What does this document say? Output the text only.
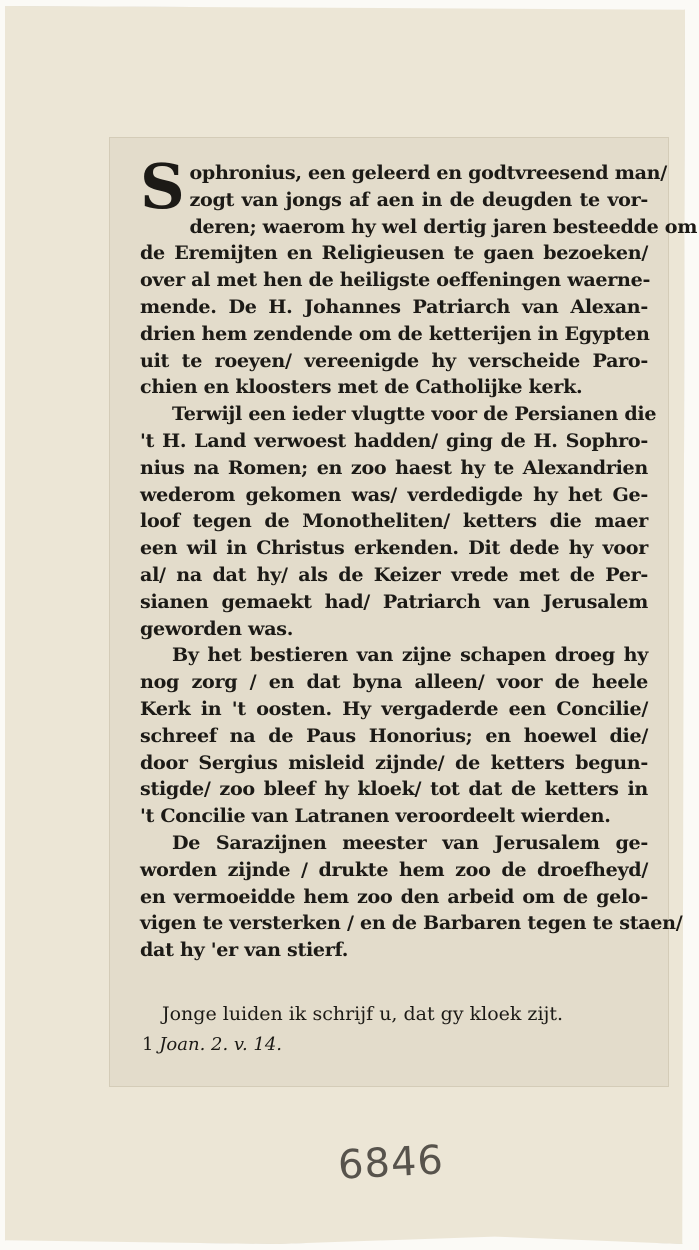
S ophronius, een geleerd en godtvreesend man/
zogt van jongs af aen in de deugden te vor-
deren; waerom hy wel dertig jaren besteedde om
de Eremijten en Religieusen te gaen bezoeken/
over al met hen de heiligste oeffeningen waerne-
mende. De H. Johannes Patriarch van Alexan-
drien hem zendende om de ketterijen in Egypten
uit te roeyen/ vereenigde hy verscheide Paro-
chien en kloosters met de Catholijke kerk.
Terwijl een ieder vlugtte voor de Persianen die
't H. Land verwoest hadden/ ging de H. Sophro-
nius na Romen; en zoo haest hy te Alexandrien
wederom gekomen was/ verdedigde hy het Ge-
loof tegen de Monotheliten/ ketters die maer
een wil in Christus erkenden. Dit dede hy voor
al/ na dat hy/ als de Keizer vrede met de Per-
sianen gemaekt had/ Patriarch van Jerusalem
geworden was.
By het bestieren van zijne schapen droeg hy
nog zorg / en dat byna alleen/ voor de heele
Kerk in 't oosten. Hy vergaderde een Concilie/
schreef na de Paus Honorius; en hoewel die/
door Sergius misleid zijnde/ de ketters begun-
stigde/ zoo bleef hy kloek/ tot dat de ketters in
't Concilie van Latranen veroordeelt wierden.
De Sarazijnen meester van Jerusalem ge-
worden zijnde / drukte hem zoo de droefheyd/
en vermoeidde hem zoo den arbeid om de gelo-
vigen te versterken / en de Barbaren tegen te staen/
dat hy 'er van stierf.
Jonge luiden ik schrijf u, dat gy kloek zijt.
1 Joan. 2. v. 14.
6846
